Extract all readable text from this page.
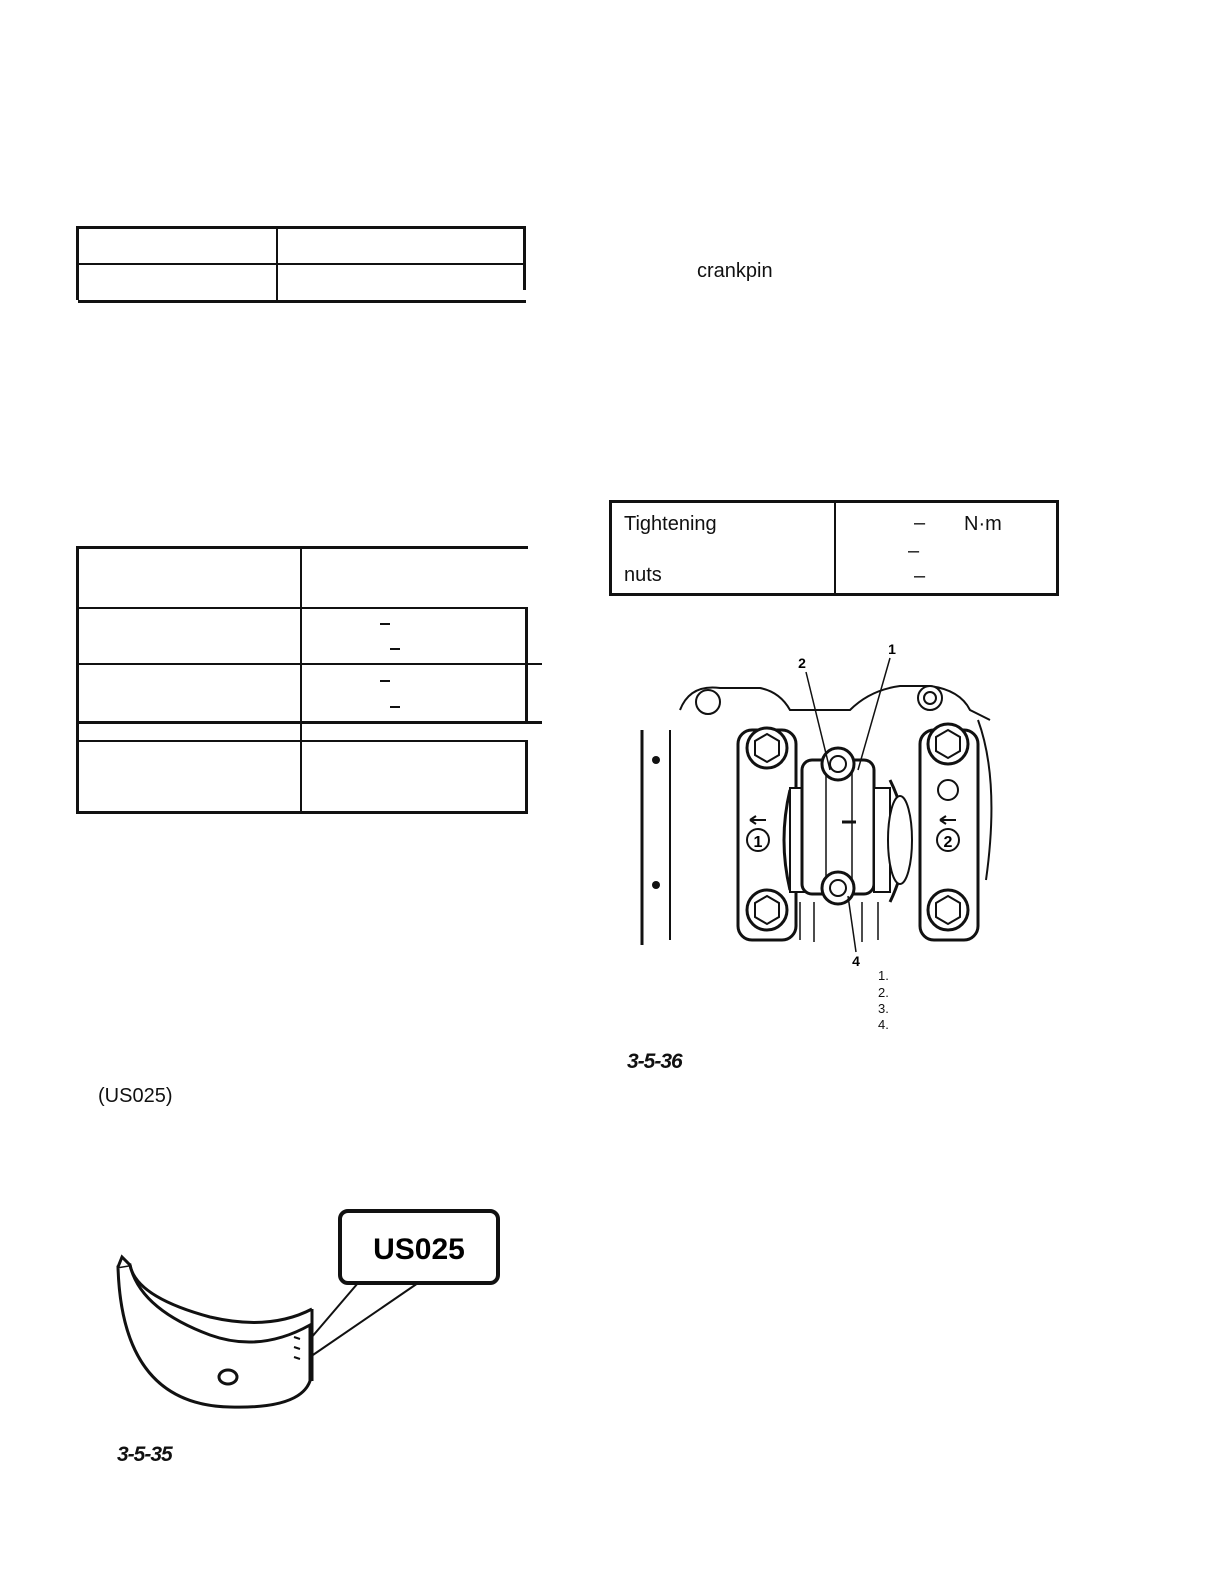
(US025)
US025
3-5-35
crankpin
Tightening
nuts
N·m
–
–
–
1	2
2
1
4
1.
2.
3.
4.
3-5-36
